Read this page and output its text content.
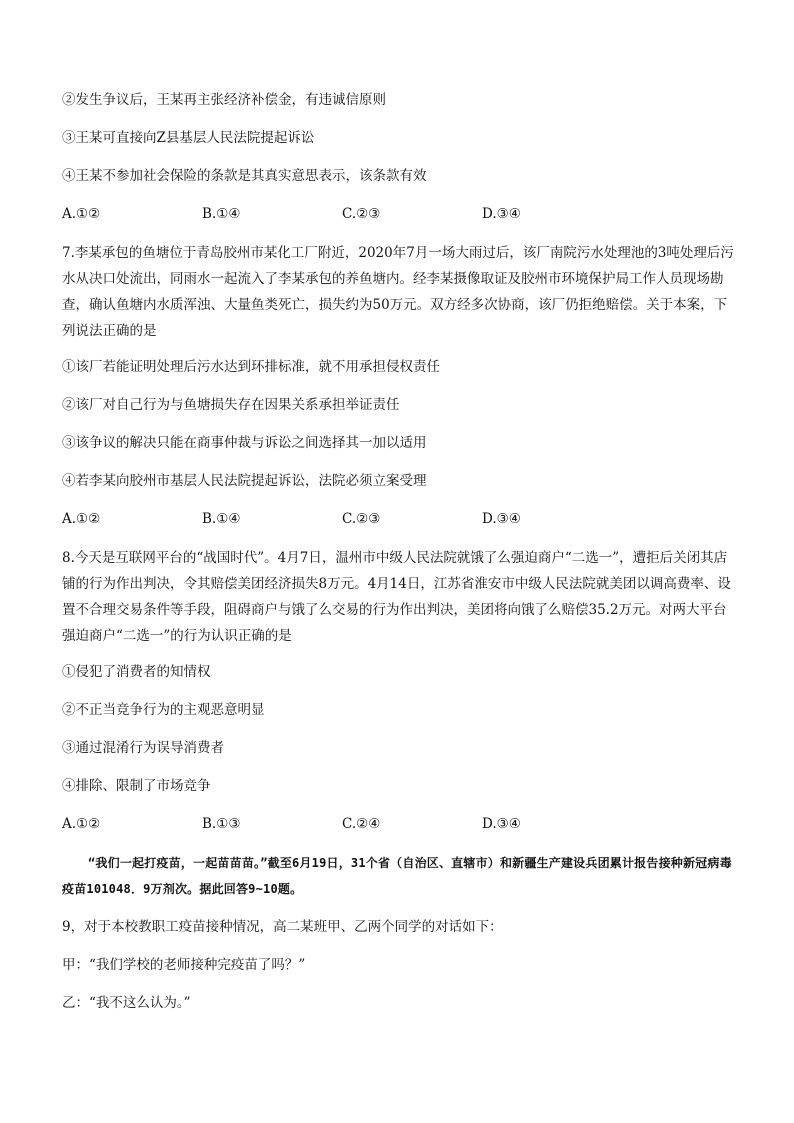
②发生争议后，王某再主张经济补偿金，有违诚信原则
③王某可直接向Z县基层人民法院提起诉讼
④王某不参加社会保险的条款是其真实意思表示，该条款有效
A.①②	B.①④	C.②③	D.③④
7.李某承包的鱼塘位于青岛胶州市某化工厂附近，2020年7月一场大雨过后，该厂南院污水处理池的3吨处理后污水从决口处流出，同雨水一起流入了李某承包的养鱼塘内。经李某摄像取证及胶州市环境保护局工作人员现场勘查，确认鱼塘内水质浑浊、大量鱼类死亡，损失约为50万元。双方经多次协商，该厂仍拒绝赔偿。关于本案，下列说法正确的是
①该厂若能证明处理后污水达到环排标准，就不用承担侵权责任
②该厂对自己行为与鱼塘损失存在因果关系承担举证责任
③该争议的解决只能在商事仲裁与诉讼之间选择其一加以适用
④若李某向胶州市基层人民法院提起诉讼，法院必须立案受理
A.①②	B.①④	C.②③	D.③④
8.今天是互联网平台的“战国时代”。4月7日，温州市中级人民法院就饿了么强迫商户“二选一”，遭拒后关闭其店铺的行为作出判决，令其赔偿美团经济损失8万元。4月14日，江苏省淮安市中级人民法院就美团以调高费率、设置不合理交易条件等手段，阻碍商户与饿了么交易的行为作出判决，美团将向饿了么赔偿35.2万元。对两大平台强迫商户“二选一”的行为认识正确的是
①侵犯了消费者的知情权
②不正当竞争行为的主观恶意明显
③通过混淆行为误导消费者
④排除、限制了市场竞争
A.①②	B.①③	C.②④	D.③④
“我们一起打疫苗，一起苗苗苗。”截至6月19日，31个省（自治区、直辖市）和新疆生产建设兵团累计报告接种新冠病毒疫苗101048．9万剂次。据此回答9~10题。
9，对于本校教职工疫苗接种情况，高二某班甲、乙两个同学的对话如下：
甲：“我们学校的老师接种完疫苗了吗？”
乙：“我不这么认为。”
